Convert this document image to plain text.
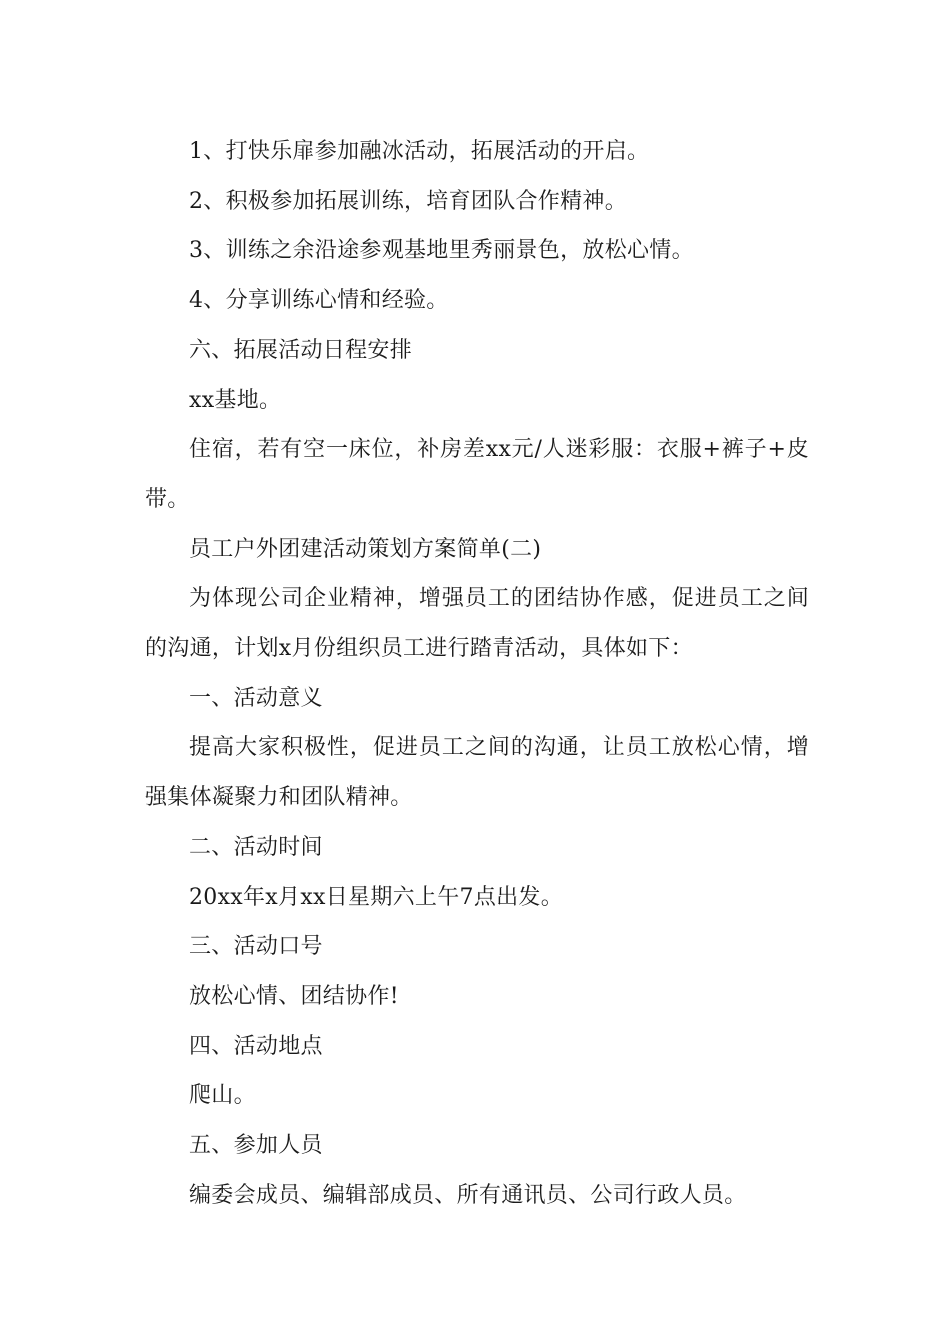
1、打快乐扉参加融冰活动，拓展活动的开启。

2、积极参加拓展训练，培育团队合作精神。

3、训练之余沿途参观基地里秀丽景色，放松心情。

4、分享训练心情和经验。

六、拓展活动日程安排

xx基地。

住宿，若有空一床位，补房差xx元/人迷彩服：衣服+裤子+皮带。

员工户外团建活动策划方案简单(二)

为体现公司企业精神，增强员工的团结协作感，促进员工之间的沟通，计划x月份组织员工进行踏青活动，具体如下：

一、活动意义

提高大家积极性，促进员工之间的沟通，让员工放松心情，增强集体凝聚力和团队精神。

二、活动时间

20xx年x月xx日星期六上午7点出发。

三、活动口号

放松心情、团结协作!

四、活动地点

爬山。

五、参加人员

编委会成员、编辑部成员、所有通讯员、公司行政人员。
